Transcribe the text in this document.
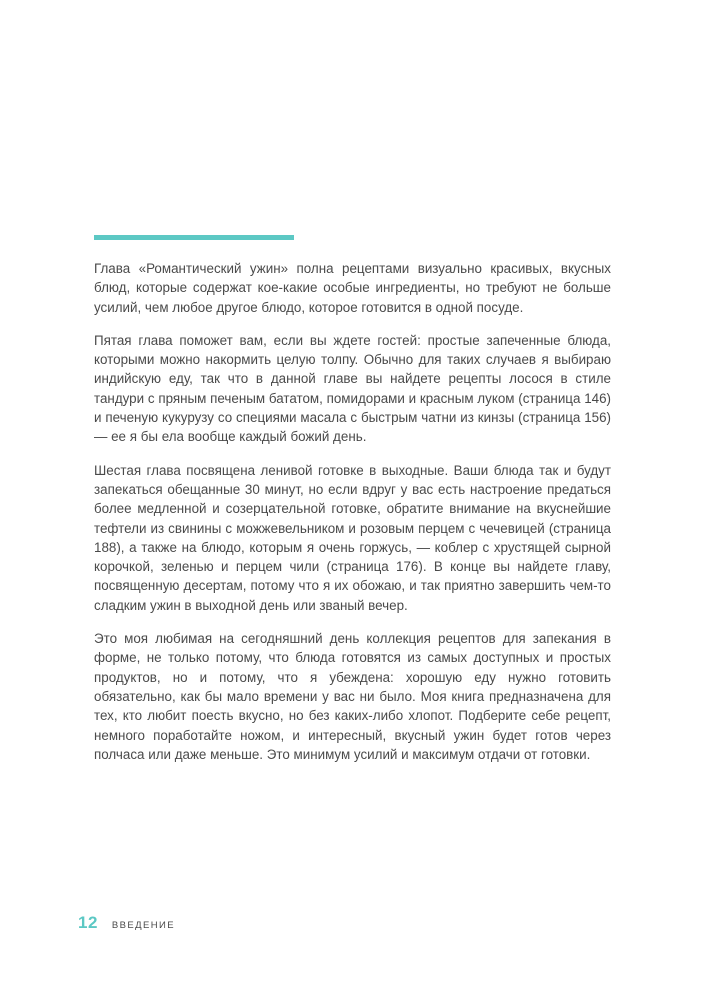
Глава «Романтический ужин» полна рецептами визуально красивых, вкусных блюд, которые содержат кое-какие особые ингредиенты, но требуют не больше усилий, чем любое другое блюдо, которое готовится в одной посуде.

Пятая глава поможет вам, если вы ждете гостей: простые запеченные блюда, которыми можно накормить целую толпу. Обычно для таких случаев я выбираю индийскую еду, так что в данной главе вы найдете рецепты лосося в стиле тандури с пряным печеным бататом, помидорами и красным луком (страница 146) и печеную кукурузу со специями масала с быстрым чатни из кинзы (страница 156) — ее я бы ела вообще каждый божий день.

Шестая глава посвящена ленивой готовке в выходные. Ваши блюда так и будут запекаться обещанные 30 минут, но если вдруг у вас есть настроение предаться более медленной и созерцательной готовке, обратите внимание на вкуснейшие тефтели из свинины с можжевельником и розовым перцем с чечевицей (страница 188), а также на блюдо, которым я очень горжусь, — коблер с хрустящей сырной корочкой, зеленью и перцем чили (страница 176). В конце вы найдете главу, посвященную десертам, потому что я их обожаю, и так приятно завершить чем-то сладким ужин в выходной день или званый вечер.

Это моя любимая на сегодняшний день коллекция рецептов для запекания в форме, не только потому, что блюда готовятся из самых доступных и простых продуктов, но и потому, что я убеждена: хорошую еду нужно готовить обязательно, как бы мало времени у вас ни было. Моя книга предназначена для тех, кто любит поесть вкусно, но без каких-либо хлопот. Подберите себе рецепт, немного поработайте ножом, и интересный, вкусный ужин будет готов через полчаса или даже меньше. Это минимум усилий и максимум отдачи от готовки.

12 ВВЕДЕНИЕ
